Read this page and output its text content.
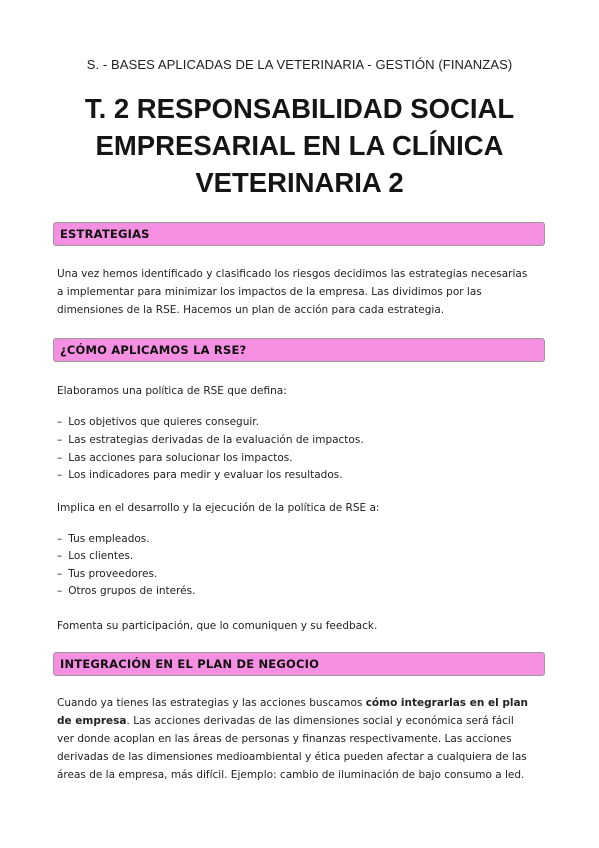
S. - BASES APLICADAS DE LA VETERINARIA - GESTIÓN (FINANZAS)
T. 2 RESPONSABILIDAD SOCIAL
EMPRESARIAL EN LA CLÍNICA
VETERINARIA 2
ESTRATEGIAS
Una vez hemos identificado y clasificado los riesgos decidimos las estrategias necesarias
a implementar para minimizar los impactos de la empresa. Las dividimos por las
dimensiones de la RSE. Hacemos un plan de acción para cada estrategia.
¿CÓMO APLICAMOS LA RSE?
Elaboramos una política de RSE que defina:
– Los objetivos que quieres conseguir.
– Las estrategias derivadas de la evaluación de impactos.
– Las acciones para solucionar los impactos.
– Los indicadores para medir y evaluar los resultados.
Implica en el desarrollo y la ejecución de la política de RSE a:
– Tus empleados.
– Los clientes.
– Tus proveedores.
– Otros grupos de interés.
Fomenta su participación, que lo comuniquen y su feedback.
INTEGRACIÓN EN EL PLAN DE NEGOCIO
Cuando ya tienes las estrategias y las acciones buscamos cómo integrarlas en el plan
de empresa. Las acciones derivadas de las dimensiones social y económica será fácil
ver donde acoplan en las áreas de personas y finanzas respectivamente. Las acciones
derivadas de las dimensiones medioambiental y ética pueden afectar a cualquiera de las
áreas de la empresa, más difícil. Ejemplo: cambio de iluminación de bajo consumo a led.
